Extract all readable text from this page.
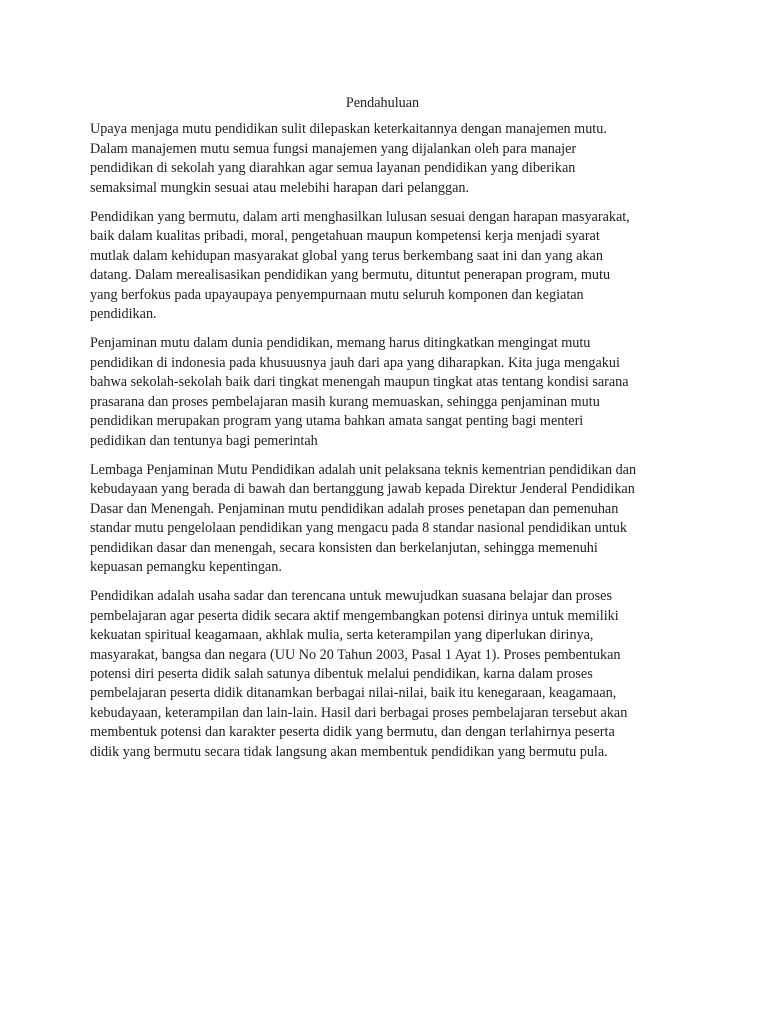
Pendahuluan
Upaya menjaga mutu pendidikan sulit dilepaskan keterkaitannya dengan manajemen mutu.
Dalam manajemen mutu semua fungsi manajemen yang dijalankan oleh para manajer
pendidikan di sekolah yang diarahkan agar semua layanan pendidikan yang diberikan
semaksimal mungkin sesuai atau melebihi harapan dari pelanggan.
Pendidikan yang bermutu, dalam arti menghasilkan lulusan sesuai dengan harapan masyarakat,
baik dalam kualitas pribadi, moral, pengetahuan maupun kompetensi kerja menjadi syarat
mutlak dalam kehidupan masyarakat global yang terus berkembang saat ini dan yang akan
datang. Dalam merealisasikan pendidikan yang bermutu, dituntut penerapan program, mutu
yang berfokus pada upayaupaya penyempurnaan mutu seluruh komponen dan kegiatan
pendidikan.
Penjaminan mutu dalam dunia pendidikan, memang harus ditingkatkan mengingat mutu
pendidikan di indonesia pada khusuusnya jauh dari apa yang diharapkan. Kita juga mengakui
bahwa sekolah-sekolah baik dari tingkat menengah maupun tingkat atas tentang kondisi sarana
prasarana dan proses pembelajaran masih kurang memuaskan, sehingga penjaminan mutu
pendidikan merupakan program yang utama bahkan amata sangat penting bagi menteri
pedidikan dan tentunya bagi pemerintah
Lembaga Penjaminan Mutu Pendidikan adalah unit pelaksana teknis kementrian pendidikan dan
kebudayaan yang berada di bawah dan bertanggung jawab kepada Direktur Jenderal Pendidikan
Dasar dan Menengah. Penjaminan mutu pendidikan adalah proses penetapan dan pemenuhan
standar mutu pengelolaan pendidikan yang mengacu pada 8 standar nasional pendidikan untuk
pendidikan dasar dan menengah, secara konsisten dan berkelanjutan, sehingga memenuhi
kepuasan pemangku kepentingan.
Pendidikan adalah usaha sadar dan terencana untuk mewujudkan suasana belajar dan proses
pembelajaran agar peserta didik secara aktif mengembangkan potensi dirinya untuk memiliki
kekuatan spiritual keagamaan, akhlak mulia, serta keterampilan yang diperlukan dirinya,
masyarakat, bangsa dan negara (UU No 20 Tahun 2003, Pasal 1 Ayat 1). Proses pembentukan
potensi diri peserta didik salah satunya dibentuk melalui pendidikan, karna dalam proses
pembelajaran peserta didik ditanamkan berbagai nilai-nilai, baik itu kenegaraan, keagamaan,
kebudayaan, keterampilan dan lain-lain. Hasil dari berbagai proses pembelajaran tersebut akan
membentuk potensi dan karakter peserta didik yang bermutu, dan dengan terlahirnya peserta
didik yang bermutu secara tidak langsung akan membentuk pendidikan yang bermutu pula.
